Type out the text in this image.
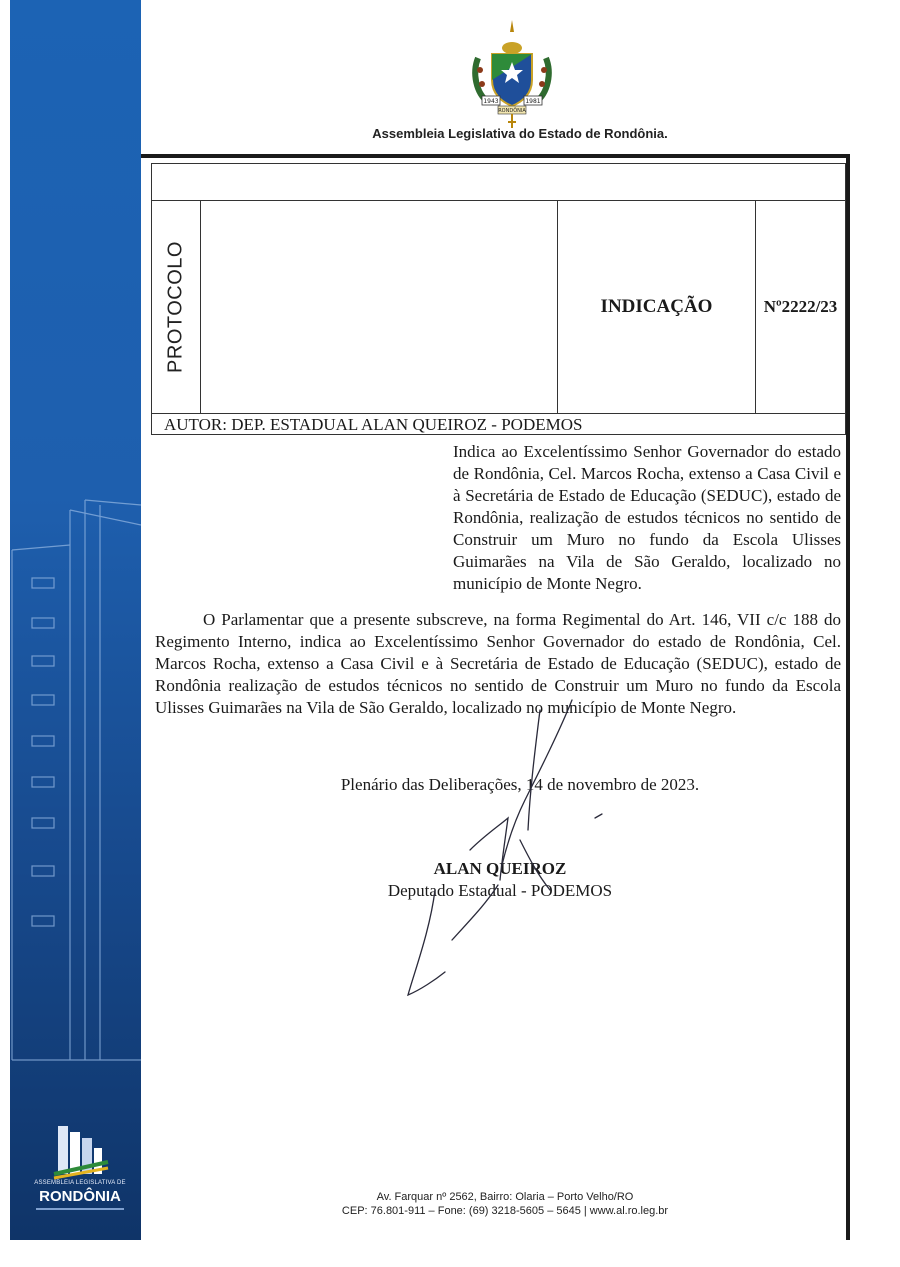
1943	1981
RONDÔNIA
Assembleia Legislativa do Estado de Rondônia.
PROTOCOLO	INDICAÇÃO	Nº2222/23
AUTOR: DEP. ESTADUAL ALAN QUEIROZ - PODEMOS
Indica ao Excelentíssimo Senhor Governador do estado de Rondônia, Cel. Marcos Rocha, extenso a Casa Civil e à Secretária de Estado de Educação (SEDUC), estado de Rondônia, realização de estudos técnicos no sentido de Construir um Muro no fundo da Escola Ulisses Guimarães na Vila de São Geraldo, localizado no município de Monte Negro.

O Parlamentar que a presente subscreve, na forma Regimental do Art. 146, VII c/c 188 do Regimento Interno, indica ao Excelentíssimo Senhor Governador do estado de Rondônia, Cel. Marcos Rocha, extenso a Casa Civil e à Secretária de Estado de Educação (SEDUC), estado de Rondônia realização de estudos técnicos no sentido de Construir um Muro no fundo da Escola Ulisses Guimarães na Vila de São Geraldo, localizado no município de Monte Negro.

Plenário das Deliberações, 14 de novembro de 2023.
ALAN QUEIROZ
Deputado Estadual - PODEMOS
ASSEMBLEIA LEGISLATIVA DE
RONDÔNIA	Av. Farquar nº 2562, Bairro: Olaria – Porto Velho/RO
CEP: 76.801-911 – Fone: (69) 3218-5605 – 5645 | www.al.ro.leg.br
